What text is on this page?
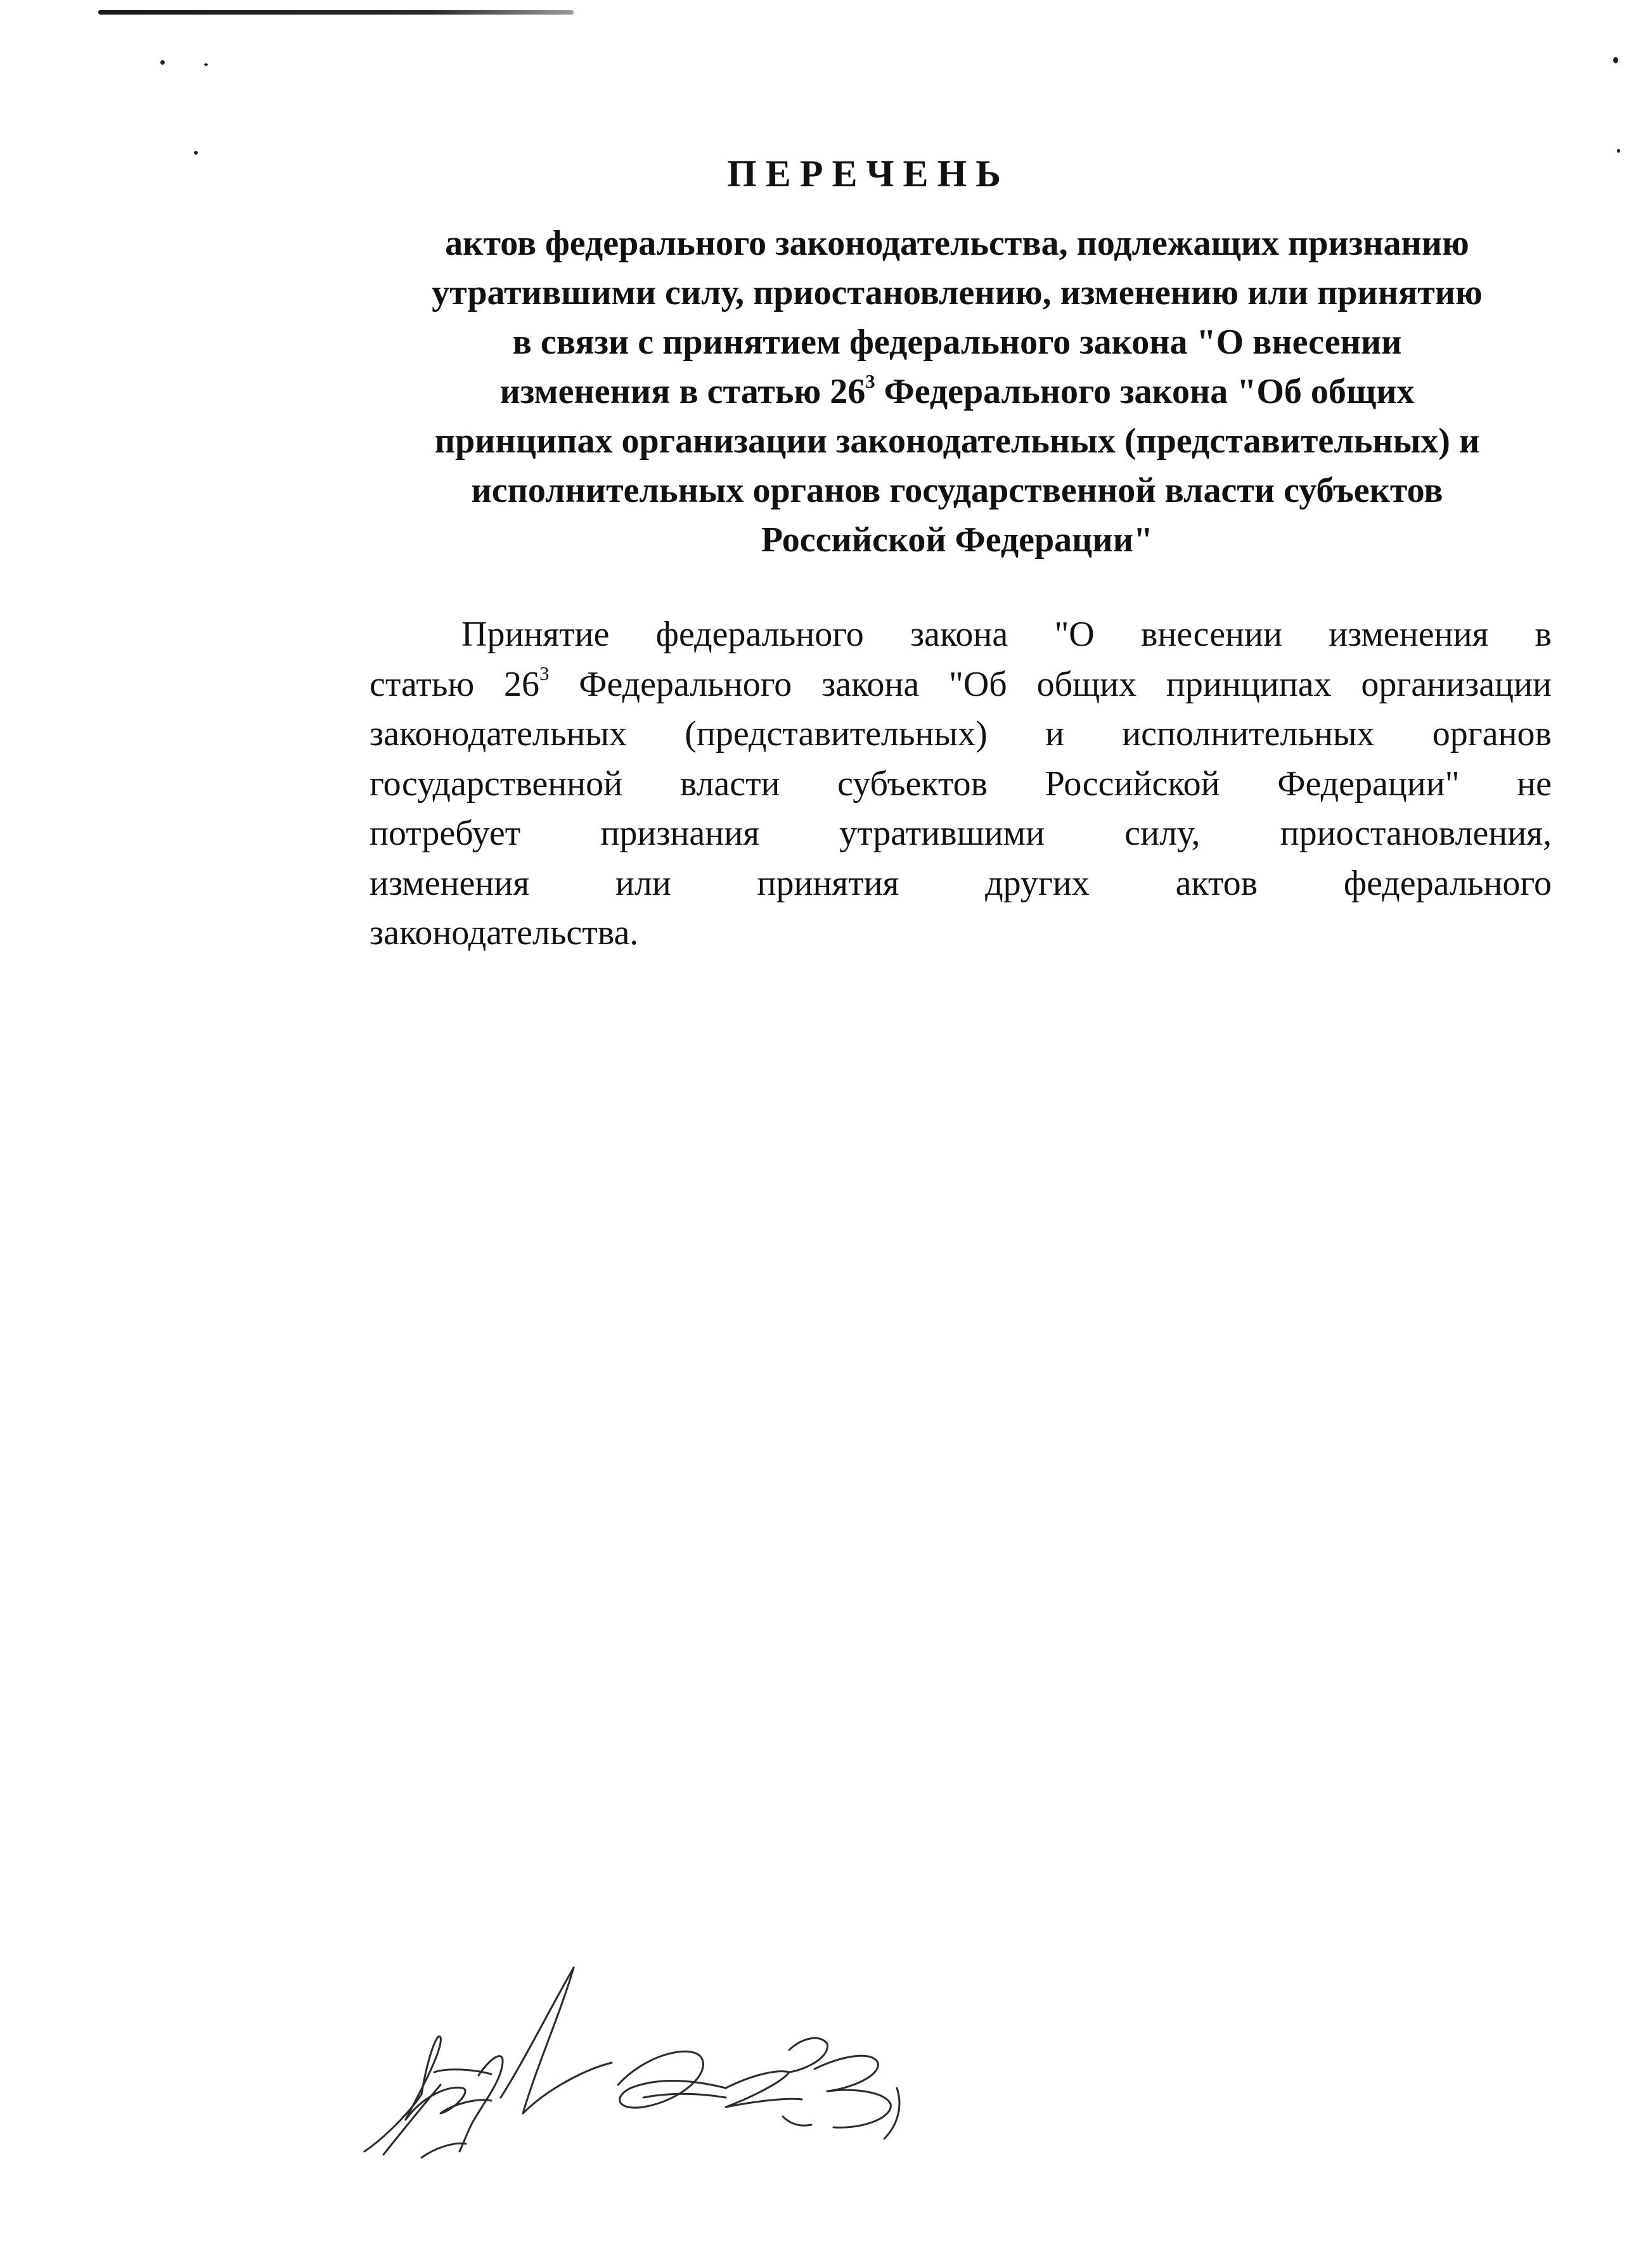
ПЕРЕЧЕНЬ
актов федерального законодательства, подлежащих признанию
утратившими силу, приостановлению, изменению или принятию
в связи с принятием федерального закона "О внесении
изменения в статью $26^3$ Федерального закона "Об общих
принципах организации законодательных (представительных) и
исполнительных органов государственной власти субъектов
Российской Федерации"
Принятие федерального закона "О внесении изменения в
статью $26^3$ Федерального закона "Об общих принципах организации
законодательных (представительных) и исполнительных органов
государственной власти субъектов Российской Федерации" не
потребует признания утратившими силу, приостановления,
изменения или принятия других актов федерального
законодательства.
